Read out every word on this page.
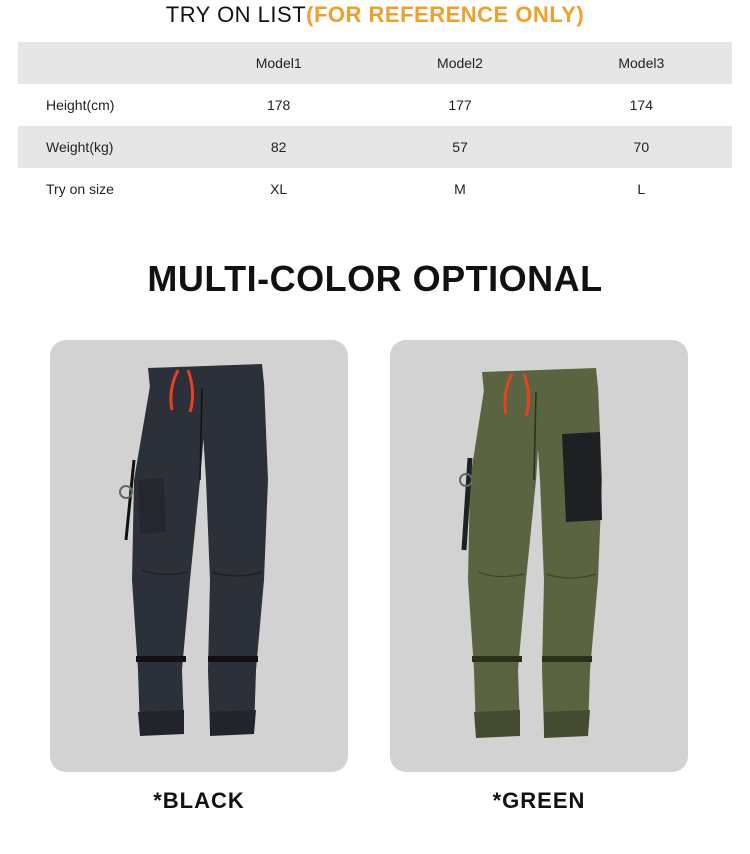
TRY ON LIST(FOR REFERENCE ONLY)
	Model1	Model2	Model3
Height(cm)	178	177	174
Weight(kg)	82	57	70
Try on size	XL	M	L
MULTI-COLOR OPTIONAL
*BLACK	*GREEN
